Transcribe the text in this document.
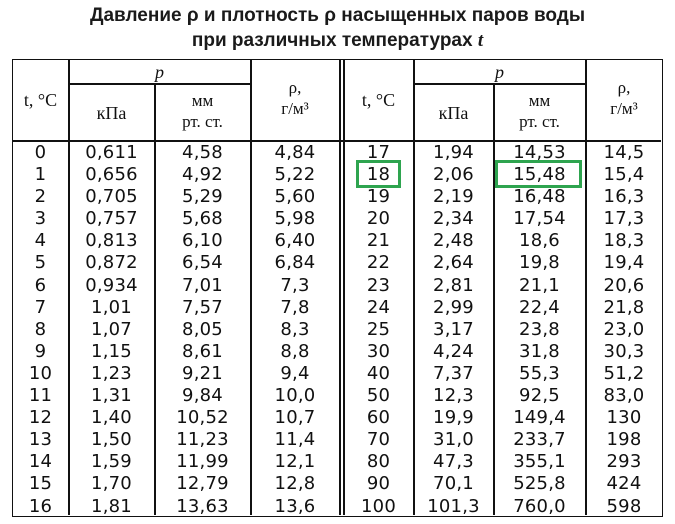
Давление ρ и плотность ρ насыщенных паров воды
при различных температурах t
t, °C
p
кПа
мм
рт. ст.
ρ,
г/м³	t, °C
p
кПа
мм
рт. ст.
ρ,
г/м³
0
1
2
3
4
5
6
7
8
9
10
11
12
13
14
15
16
0,611
0,656
0,705
0,757
0,813
0,872
0,934
1,01
1,07
1,15
1,23
1,31
1,40
1,50
1,59
1,70
1,81
4,58
4,92
5,29
5,68
6,10
6,54
7,01
7,57
8,05
8,61
9,21
9,84
10,52
11,23
11,99
12,79
13,63
4,84
5,22
5,60
5,98
6,40
6,84
7,3
7,8
8,3
8,8
9,4
10,0
10,7
11,4
12,1
12,8
13,6
17
18
19
20
21
22
23
24
25
30
40
50
60
70
80
90
100
1,94
2,06
2,19
2,34
2,48
2,64
2,81
2,99
3,17
4,24
7,37
12,3
19,9
31,0
47,3
70,1
101,3
14,53
15,48
16,48
17,54
18,6
19,8
21,1
22,4
23,8
31,8
55,3
92,5
149,4
233,7
355,1
525,8
760,0
14,5
15,4
16,3
17,3
18,3
19,4
20,6
21,8
23,0
30,3
51,2
83,0
130
198
293
424
598
